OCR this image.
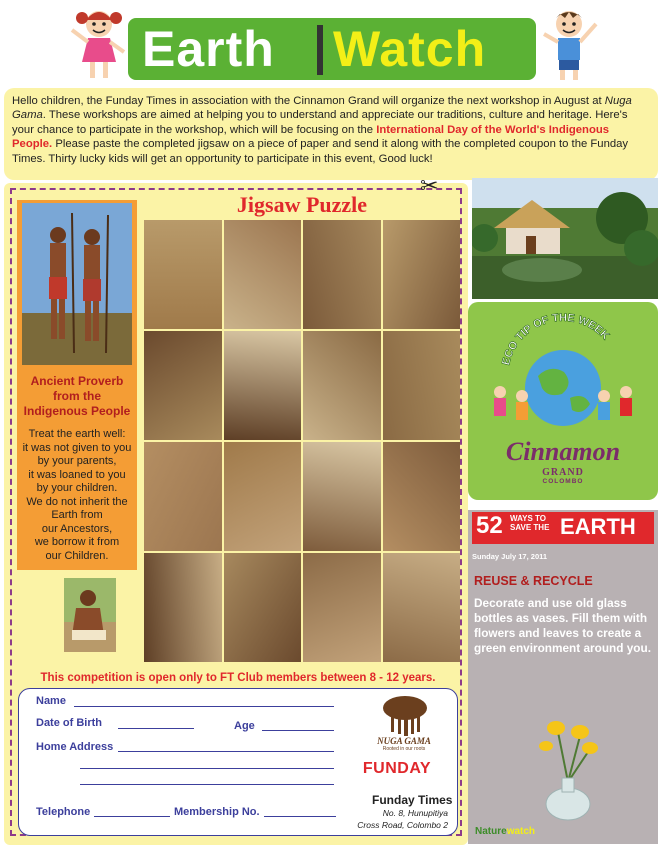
Earth Watch
Hello children, the Funday Times in association with the Cinnamon Grand will organize the next workshop in August at Nuga Gama. These workshops are aimed at helping you to understand and appreciate our traditions, culture and heritage. Here's your chance to participate in the workshop, which will be focusing on the International Day of the World's Indigenous People. Please paste the completed jigsaw on a piece of paper and send it along with the completed coupon to the Funday Times. Thirty lucky kids will get an opportunity to participate in this event, Good luck!
✂
Ancient Proverb from the Indigenous People
Treat the earth well:
it was not given to you
by your parents,
it was loaned to you
by your children.
We do not inherit the
Earth from
our Ancestors,
we borrow it from
our Children.
Jigsaw Puzzle
This competition is open only to FT Club members between 8 - 12 years.
Name
Date of Birth	Age
Home Address
Telephone	Membership No.
NUGA GAMA
Rooted in our roots
FUNDAY
Funday Times
No. 8, Hunupitiya
Cross Road, Colombo 2
ECO TIP OF THE WEEK
Cinnamon
GRAND
COLOMBO
52 WAYS TO
SAVE THE EARTH
Sunday July 17, 2011
REUSE & RECYCLE
Decorate and use old glass bottles as vases. Fill them with flowers and leaves to create a green environment around you.
Naturewatch
